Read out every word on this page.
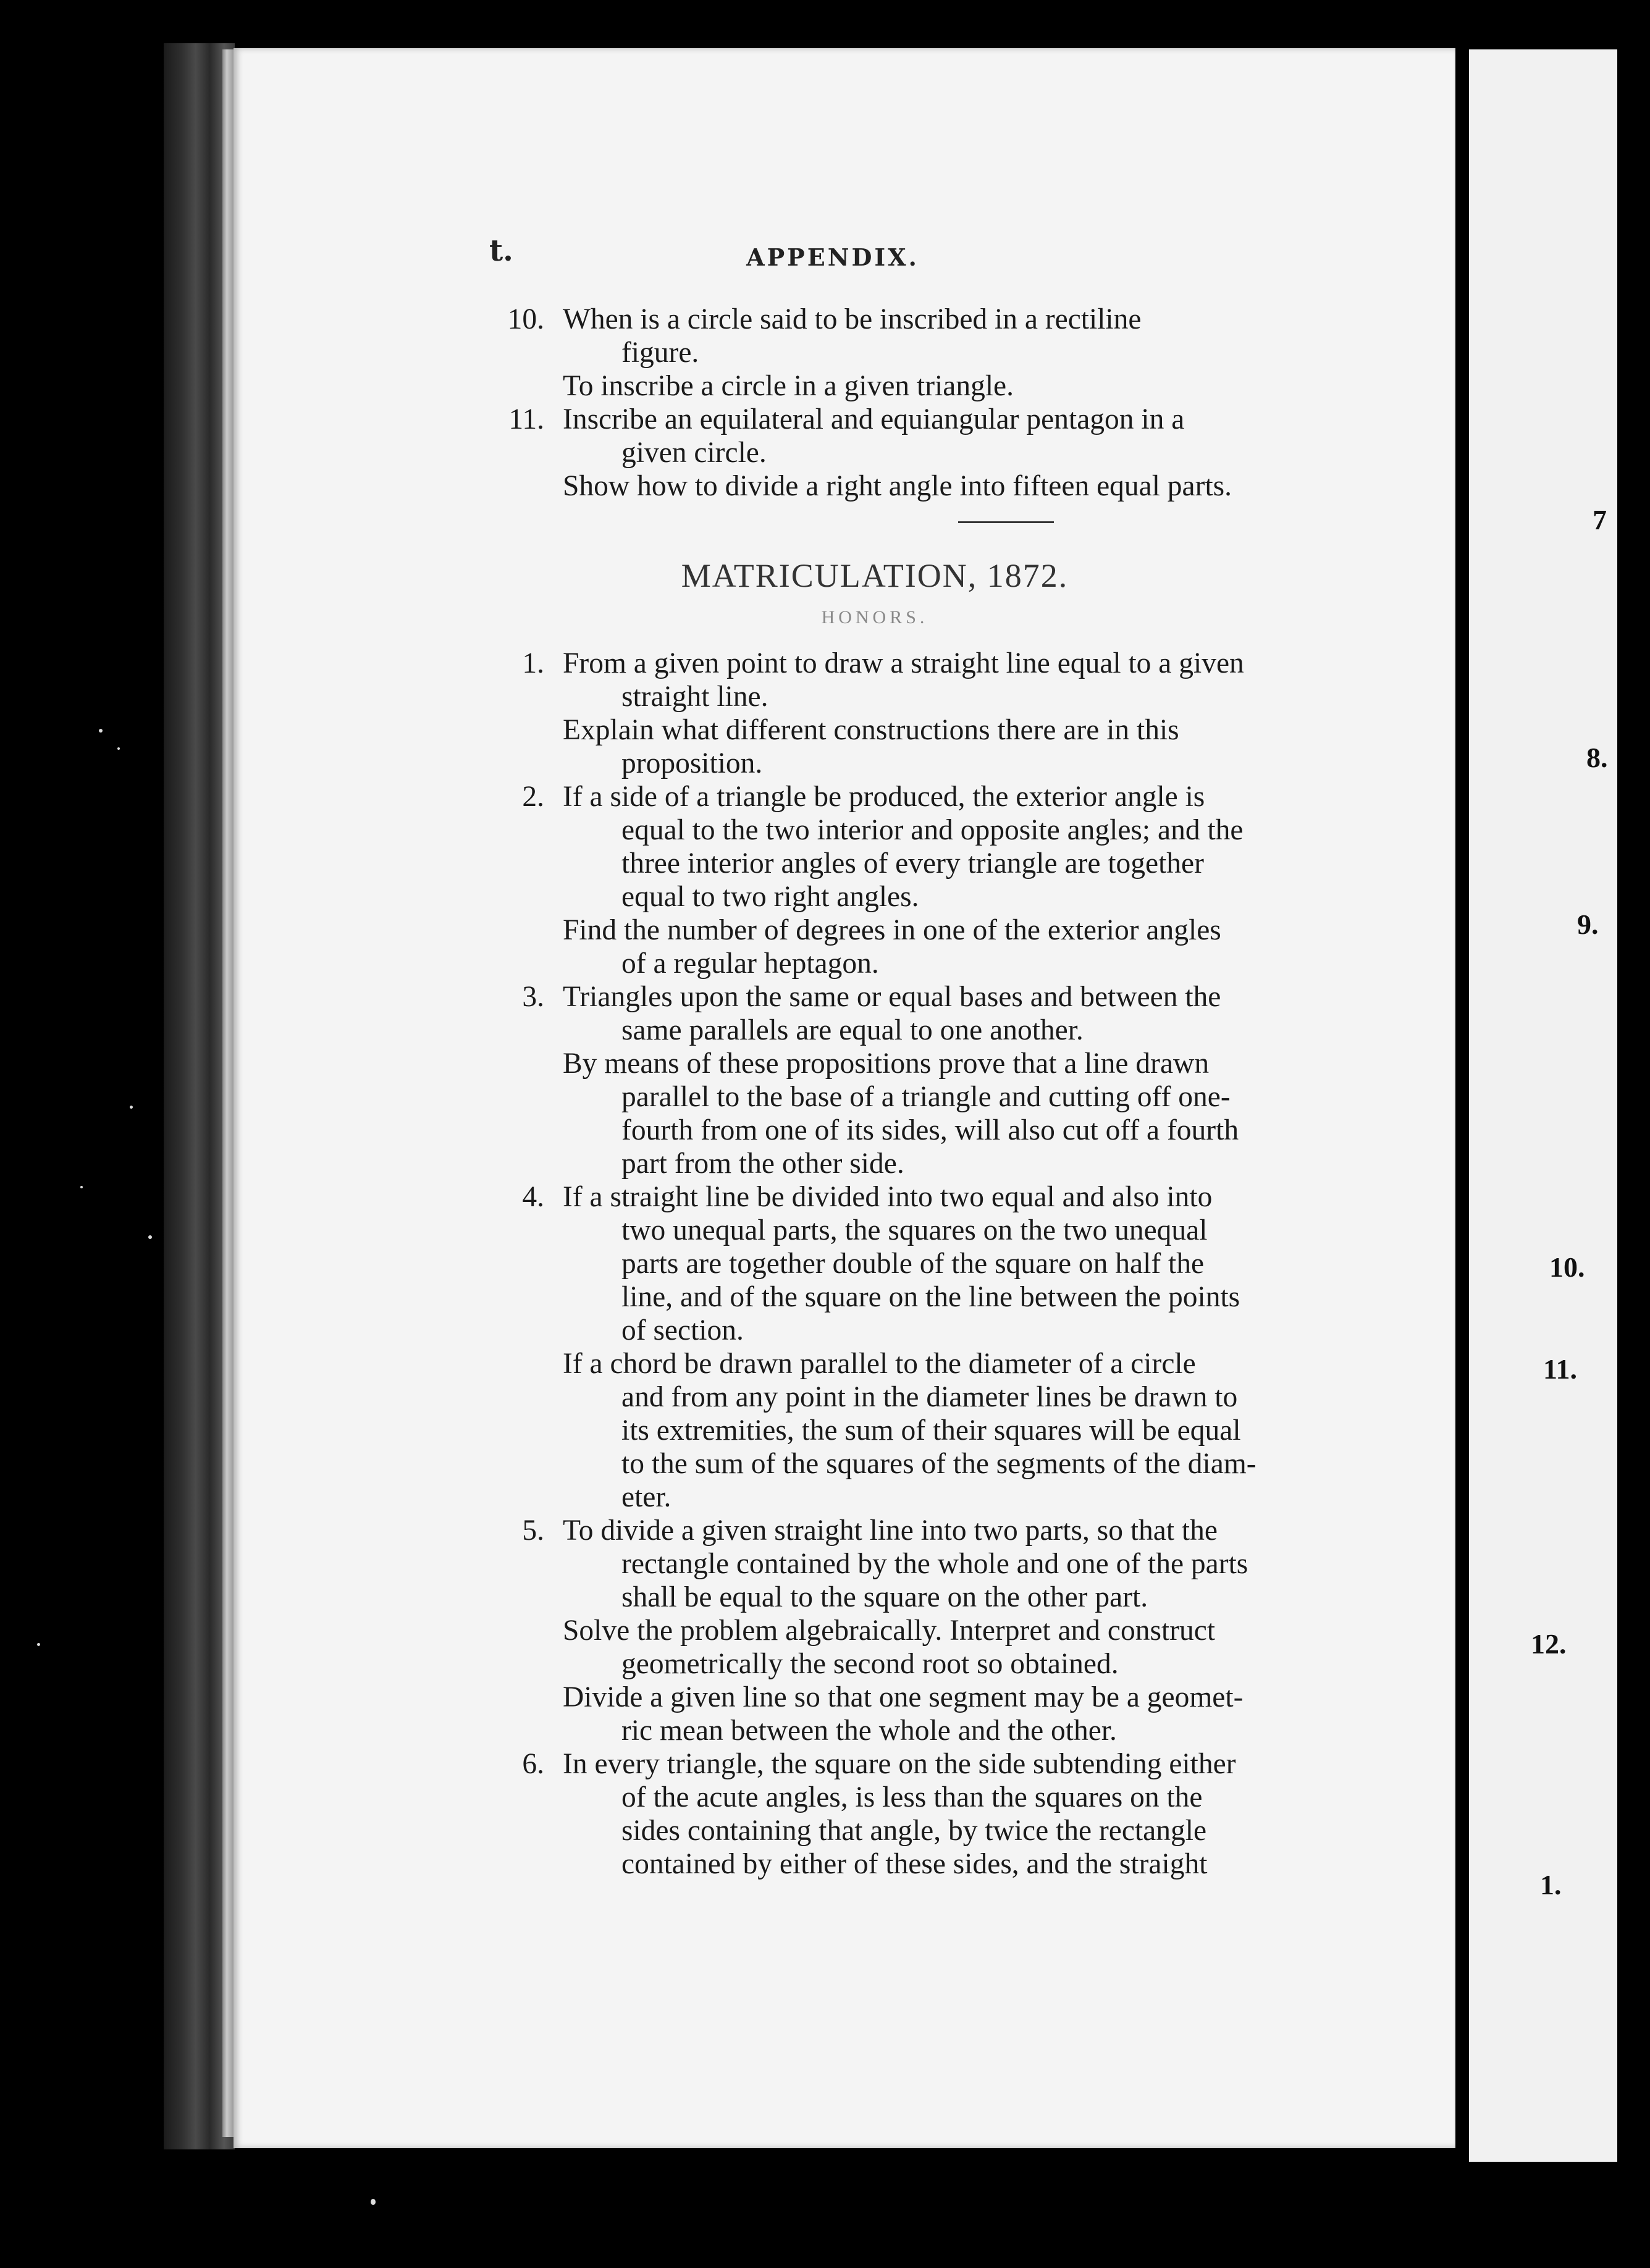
t.	APPENDIX.
10. When is a circle said to be inscribed in a rectiline
figure.
To inscribe a circle in a given triangle.
11. Inscribe an equilateral and equiangular pentagon in a
given circle.
Show how to divide a right angle into fifteen equal parts.
MATRICULATION, 1872.
HONORS.
1. From a given point to draw a straight line equal to a given
straight line.
Explain what different constructions there are in this
proposition.
2. If a side of a triangle be produced, the exterior angle is
equal to the two interior and opposite angles; and the
three interior angles of every triangle are together
equal to two right angles.
Find the number of degrees in one of the exterior angles
of a regular heptagon.
3. Triangles upon the same or equal bases and between the
same parallels are equal to one another.
By means of these propositions prove that a line drawn
parallel to the base of a triangle and cutting off one-
fourth from one of its sides, will also cut off a fourth
part from the other side.
4. If a straight line be divided into two equal and also into
two unequal parts, the squares on the two unequal
parts are together double of the square on half the
line, and of the square on the line between the points
of section.
If a chord be drawn parallel to the diameter of a circle
and from any point in the diameter lines be drawn to
its extremities, the sum of their squares will be equal
to the sum of the squares of the segments of the diam-
eter.
5. To divide a given straight line into two parts, so that the
rectangle contained by the whole and one of the parts
shall be equal to the square on the other part.
Solve the problem algebraically. Interpret and construct
geometrically the second root so obtained.
Divide a given line so that one segment may be a geomet-
ric mean between the whole and the other.
6. In every triangle, the square on the side subtending either
of the acute angles, is less than the squares on the
sides containing that angle, by twice the rectangle
contained by either of these sides, and the straight
7
8.
9.
10.
11.
12.
1.
